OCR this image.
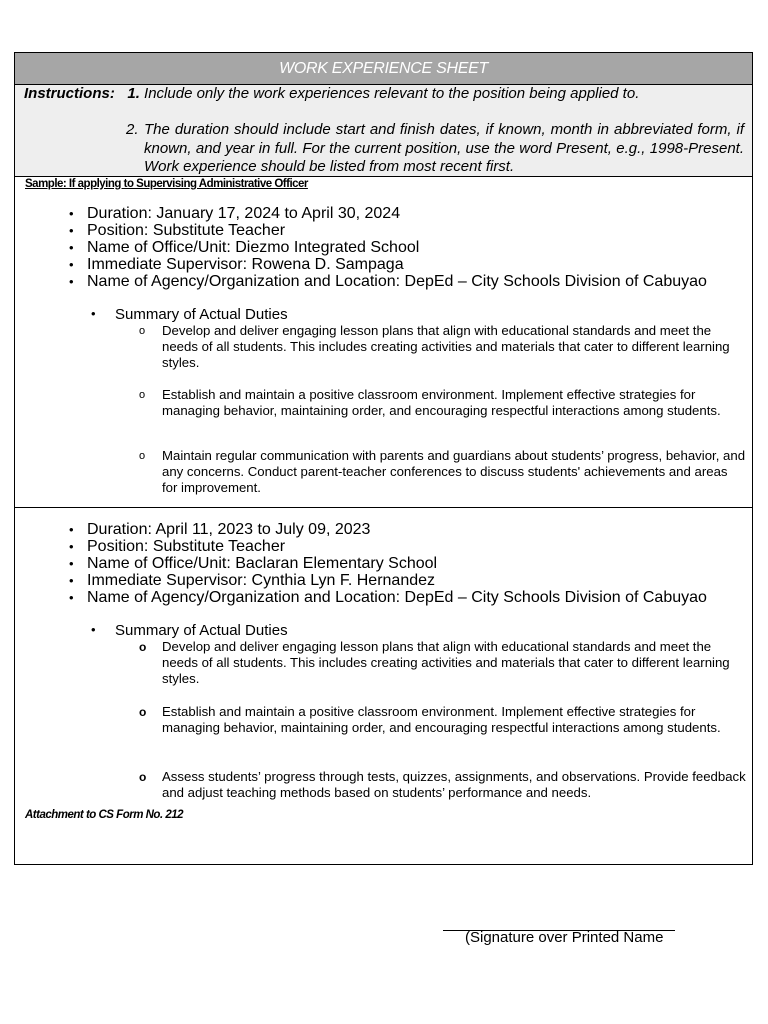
WORK EXPERIENCE SHEET
Instructions: 1. Include only the work experiences relevant to the position being applied to.
2. The duration should include start and finish dates, if known, month in abbreviated form, if known, and year in full. For the current position, use the word Present, e.g., 1998-Present. Work experience should be listed from most recent first.
Sample: If applying to Supervising Administrative Officer
• Duration: January 17, 2024 to April 30, 2024
• Position: Substitute Teacher
• Name of Office/Unit: Diezmo Integrated School
• Immediate Supervisor: Rowena D. Sampaga
• Name of Agency/Organization and Location: DepEd – City Schools Division of Cabuyao
• Summary of Actual Duties
o Develop and deliver engaging lesson plans that align with educational standards and meet the needs of all students. This includes creating activities and materials that cater to different learning styles.
o Establish and maintain a positive classroom environment. Implement effective strategies for managing behavior, maintaining order, and encouraging respectful interactions among students.
o Maintain regular communication with parents and guardians about students’ progress, behavior, and any concerns. Conduct parent-teacher conferences to discuss students' achievements and areas for improvement.
• Duration: April 11, 2023 to July 09, 2023
• Position: Substitute Teacher
• Name of Office/Unit: Baclaran Elementary School
• Immediate Supervisor: Cynthia Lyn F. Hernandez
• Name of Agency/Organization and Location: DepEd – City Schools Division of Cabuyao
• Summary of Actual Duties
o Develop and deliver engaging lesson plans that align with educational standards and meet the needs of all students. This includes creating activities and materials that cater to different learning styles.
o Establish and maintain a positive classroom environment. Implement effective strategies for managing behavior, maintaining order, and encouraging respectful interactions among students.
o Assess students’ progress through tests, quizzes, assignments, and observations. Provide feedback and adjust teaching methods based on students’ performance and needs.
Attachment to CS Form No. 212
(Signature over Printed Name
